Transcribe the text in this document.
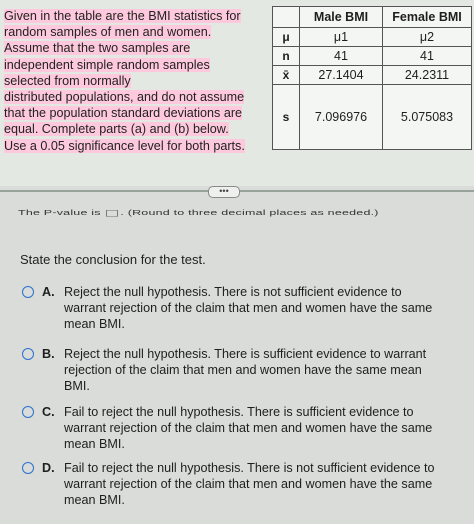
Given in the table are the BMI statistics for
random samples of men and women.
Assume that the two samples are
independent simple random samples
selected from normally
distributed populations, and do not assume
that the population standard deviations are
equal. Complete parts (a) and (b) below.
Use a 0.05 significance level for both parts.
	Male BMI	Female BMI
μ	μ1	μ2
n	41	41
x̄	27.1404	24.2311
s	7.096976	5.075083
•••
The P-value is . (Round to three decimal places as needed.)
State the conclusion for the test.
A. Reject the null hypothesis. There is not sufficient evidence to
warrant rejection of the claim that men and women have the same
mean BMI.
B. Reject the null hypothesis. There is sufficient evidence to warrant
rejection of the claim that men and women have the same mean
BMI.
C. Fail to reject the null hypothesis. There is sufficient evidence to
warrant rejection of the claim that men and women have the same
mean BMI.
D. Fail to reject the null hypothesis. There is not sufficient evidence to
warrant rejection of the claim that men and women have the same
mean BMI.
